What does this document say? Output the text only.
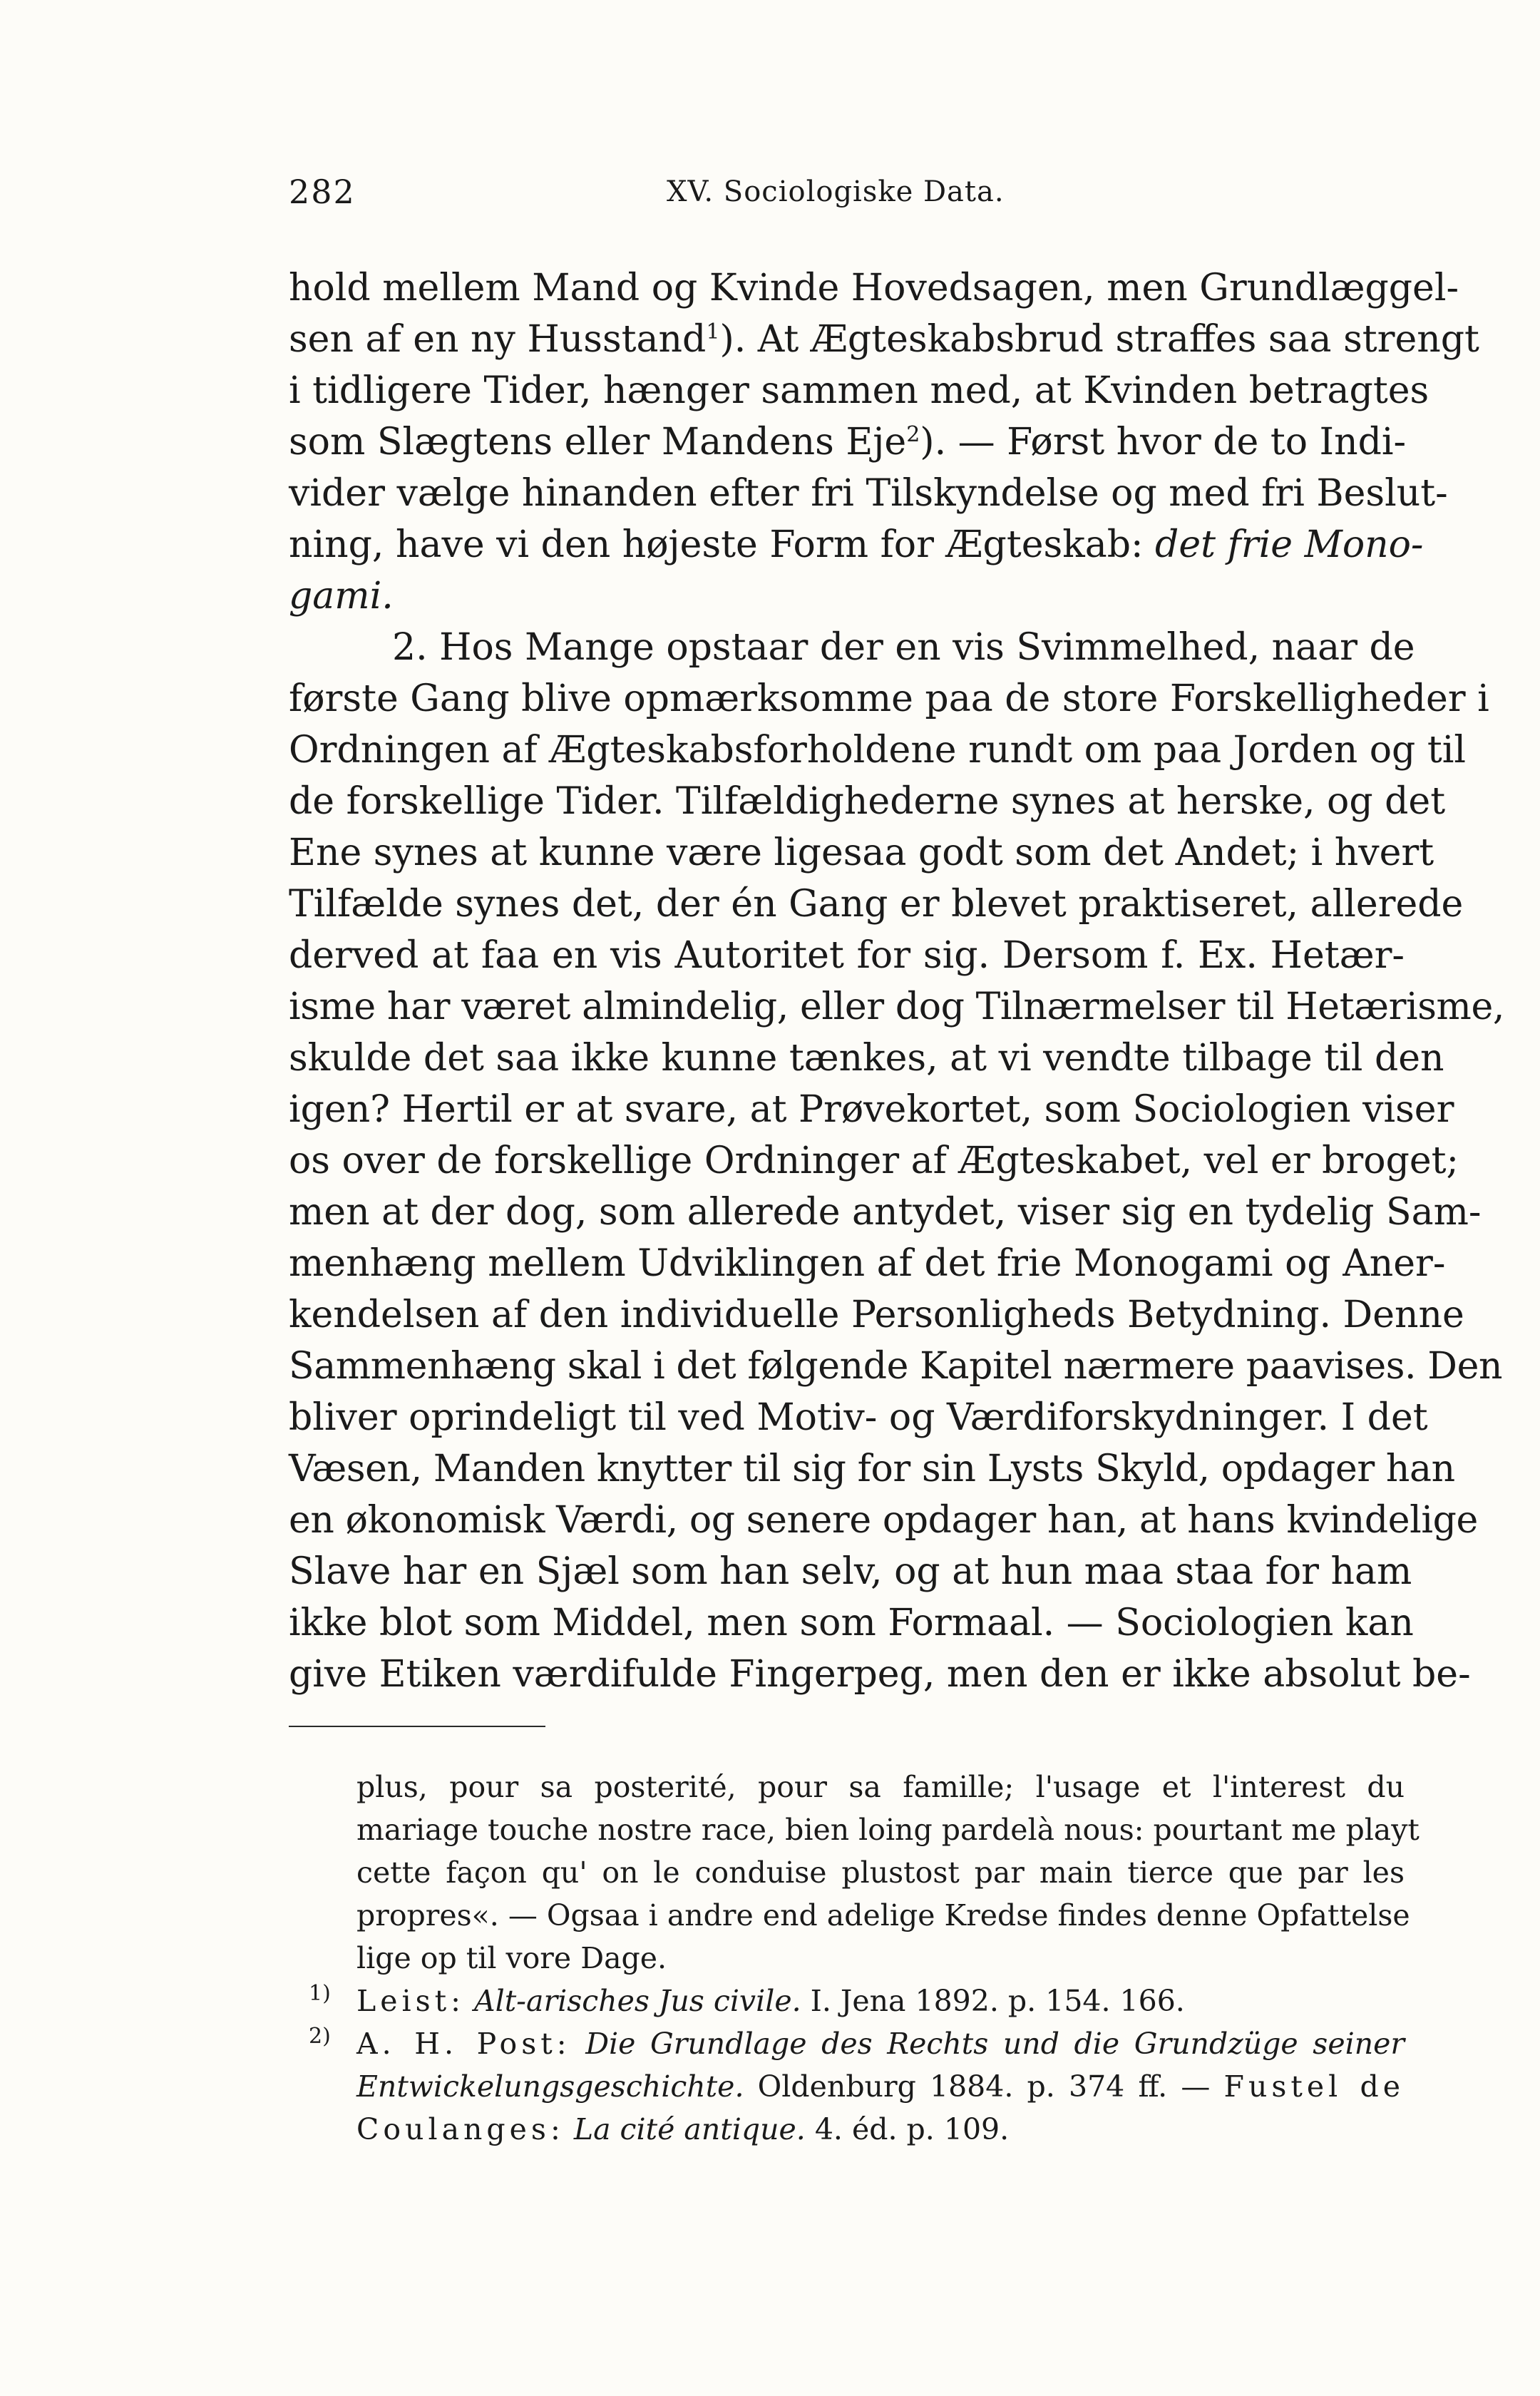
282	XV. Sociologiske Data.
hold mellem Mand og Kvinde Hovedsagen, men Grundlæggel-
sen af en ny Husstand$^1$). At Ægteskabsbrud straffes saa strengt
i tidligere Tider, hænger sammen med, at Kvinden betragtes
som Slægtens eller Mandens Eje$^2$). — Først hvor de to Indi-
vider vælge hinanden efter fri Tilskyndelse og med fri Beslut-
ning, have vi den højeste Form for Ægteskab: det frie Mono-
gami.
2. Hos Mange opstaar der en vis Svimmelhed, naar de
første Gang blive opmærksomme paa de store Forskelligheder i
Ordningen af Ægteskabsforholdene rundt om paa Jorden og til
de forskellige Tider. Tilfældighederne synes at herske, og det
Ene synes at kunne være ligesaa godt som det Andet; i hvert
Tilfælde synes det, der én Gang er blevet praktiseret, allerede
derved at faa en vis Autoritet for sig. Dersom f. Ex. Hetær-
isme har været almindelig, eller dog Tilnærmelser til Hetærisme,
skulde det saa ikke kunne tænkes, at vi vendte tilbage til den
igen? Hertil er at svare, at Prøvekortet, som Sociologien viser
os over de forskellige Ordninger af Ægteskabet, vel er broget;
men at der dog, som allerede antydet, viser sig en tydelig Sam-
menhæng mellem Udviklingen af det frie Monogami og Aner-
kendelsen af den individuelle Personligheds Betydning. Denne
Sammenhæng skal i det følgende Kapitel nærmere paavises. Den
bliver oprindeligt til ved Motiv- og Værdiforskydninger. I det
Væsen, Manden knytter til sig for sin Lysts Skyld, opdager han
en økonomisk Værdi, og senere opdager han, at hans kvindelige
Slave har en Sjæl som han selv, og at hun maa staa for ham
ikke blot som Middel, men som Formaal. — Sociologien kan
give Etiken værdifulde Fingerpeg, men den er ikke absolut be-
plus, pour sa posterité, pour sa famille; l'usage et l'interest du
mariage touche nostre race, bien loing pardelà nous: pourtant me playt
cette façon qu' on le conduise plustost par main tierce que par les
propres«. — Ogsaa i andre end adelige Kredse findes denne Opfattelse
lige op til vore Dage.
1) Leist: Alt-arisches Jus civile. I. Jena 1892. p. 154. 166.
2) A. H. Post: Die Grundlage des Rechts und die Grundzüge seiner
Entwickelungsgeschichte. Oldenburg 1884. p. 374 ff. — Fustel de
Coulanges: La cité antique. 4. éd. p. 109.
